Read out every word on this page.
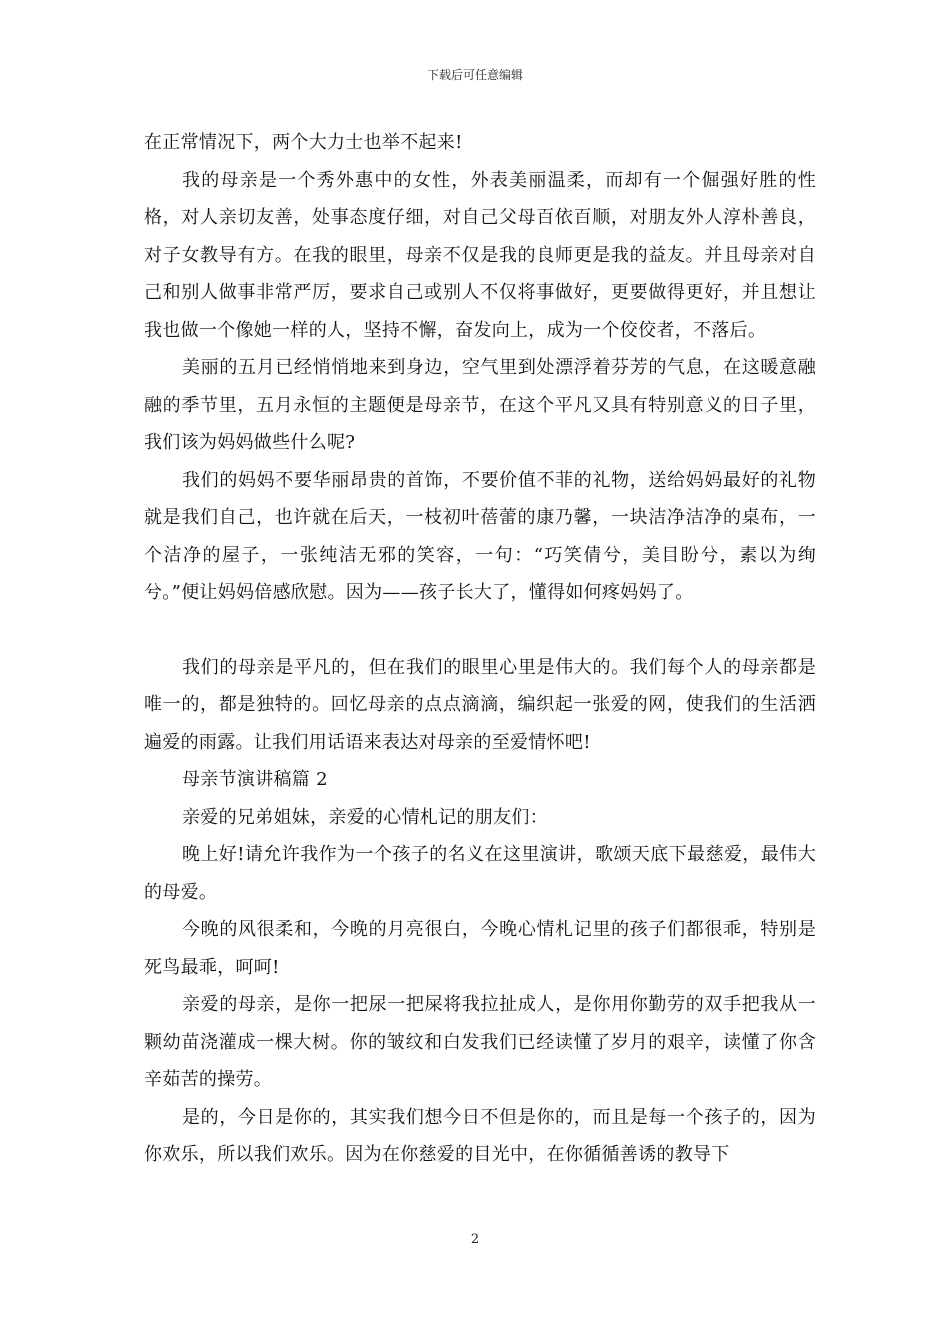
下载后可任意编辑

在正常情况下，两个大力士也举不起来!

我的母亲是一个秀外惠中的女性，外表美丽温柔，而却有一个倔强好胜的性格，对人亲切友善，处事态度仔细，对自己父母百依百顺，对朋友外人淳朴善良，对子女教导有方。在我的眼里，母亲不仅是我的良师更是我的益友。并且母亲对自己和别人做事非常严厉，要求自己或别人不仅将事做好，更要做得更好，并且想让我也做一个像她一样的人，坚持不懈，奋发向上，成为一个佼佼者，不落后。

美丽的五月已经悄悄地来到身边，空气里到处漂浮着芬芳的气息，在这暖意融融的季节里，五月永恒的主题便是母亲节，在这个平凡又具有特别意义的日子里，我们该为妈妈做些什么呢?

我们的妈妈不要华丽昂贵的首饰，不要价值不菲的礼物，送给妈妈最好的礼物就是我们自己，也许就在后天，一枝初叶蓓蕾的康乃馨，一块洁净洁净的桌布，一个洁净的屋子，一张纯洁无邪的笑容，一句：“巧笑倩兮，美目盼兮，素以为绚兮。”便让妈妈倍感欣慰。因为——孩子长大了，懂得如何疼妈妈了。

我们的母亲是平凡的，但在我们的眼里心里是伟大的。我们每个人的母亲都是唯一的，都是独特的。回忆母亲的点点滴滴，编织起一张爱的网，使我们的生活洒遍爱的雨露。让我们用话语来表达对母亲的至爱情怀吧!

母亲节演讲稿篇 2

亲爱的兄弟姐妹，亲爱的心情札记的朋友们：

晚上好!请允许我作为一个孩子的名义在这里演讲，歌颂天底下最慈爱，最伟大的母爱。

今晚的风很柔和，今晚的月亮很白，今晚心情札记里的孩子们都很乖，特别是死鸟最乖，呵呵!

亲爱的母亲，是你一把尿一把屎将我拉扯成人，是你用你勤劳的双手把我从一颗幼苗浇灌成一棵大树。你的皱纹和白发我们已经读懂了岁月的艰辛，读懂了你含辛茹苦的操劳。

是的，今日是你的，其实我们想今日不但是你的，而且是每一个孩子的，因为你欢乐，所以我们欢乐。因为在你慈爱的目光中，在你循循善诱的教导下

2
